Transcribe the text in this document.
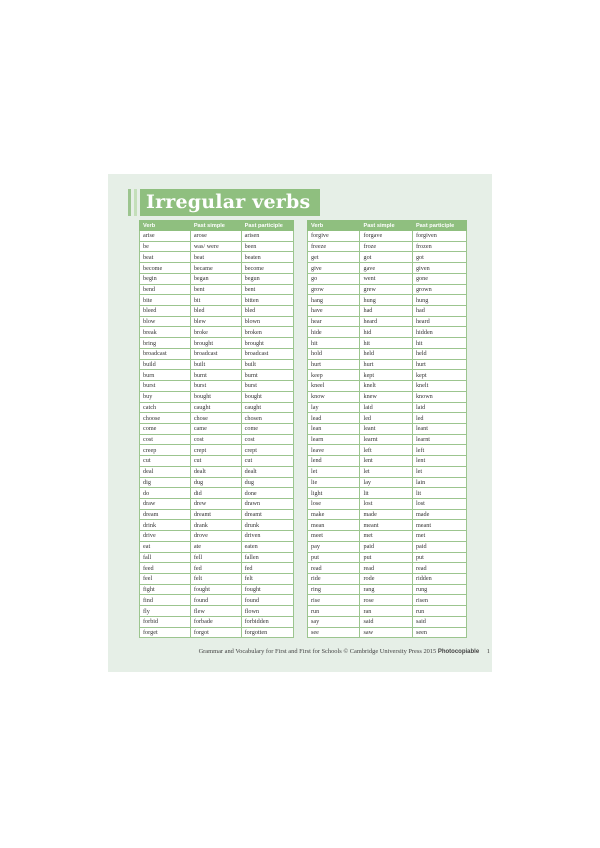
Irregular verbs
Verb	Past simple	Past participle
arise	arose	arisen
be	was/ were	been
beat	beat	beaten
become	became	become
begin	began	begun
bend	bent	bent
bite	bit	bitten
bleed	bled	bled
blow	blew	blown
break	broke	broken
bring	brought	brought
broadcast	broadcast	broadcast
build	built	built
burn	burnt	burnt
burst	burst	burst
buy	bought	bought
catch	caught	caught
choose	chose	chosen
come	came	come
cost	cost	cost
creep	crept	crept
cut	cut	cut
deal	dealt	dealt
dig	dug	dug
do	did	done
draw	drew	drawn
dream	dreamt	dreamt
drink	drank	drunk
drive	drove	driven
eat	ate	eaten
fall	fell	fallen
feed	fed	fed
feel	felt	felt
fight	fought	fought
find	found	found
fly	flew	flown
forbid	forbade	forbidden
forget	forgot	forgotten
Verb	Past simple	Past participle
forgive	forgave	forgiven
freeze	froze	frozen
get	got	got
give	gave	given
go	went	gone
grow	grew	grown
hang	hung	hung
have	had	had
hear	heard	heard
hide	hid	hidden
hit	hit	hit
hold	held	held
hurt	hurt	hurt
keep	kept	kept
kneel	knelt	knelt
know	knew	known
lay	laid	laid
lead	led	led
lean	leant	leant
learn	learnt	learnt
leave	left	left
lend	lent	lent
let	let	let
lie	lay	lain
light	lit	lit
lose	lost	lost
make	made	made
mean	meant	meant
meet	met	met
pay	paid	paid
put	put	put
read	read	read
ride	rode	ridden
ring	rang	rung
rise	rose	risen
run	ran	run
say	said	said
see	saw	seen
Grammar and Vocabulary for First and First for Schools © Cambridge University Press 2015 Photocopiable 1
